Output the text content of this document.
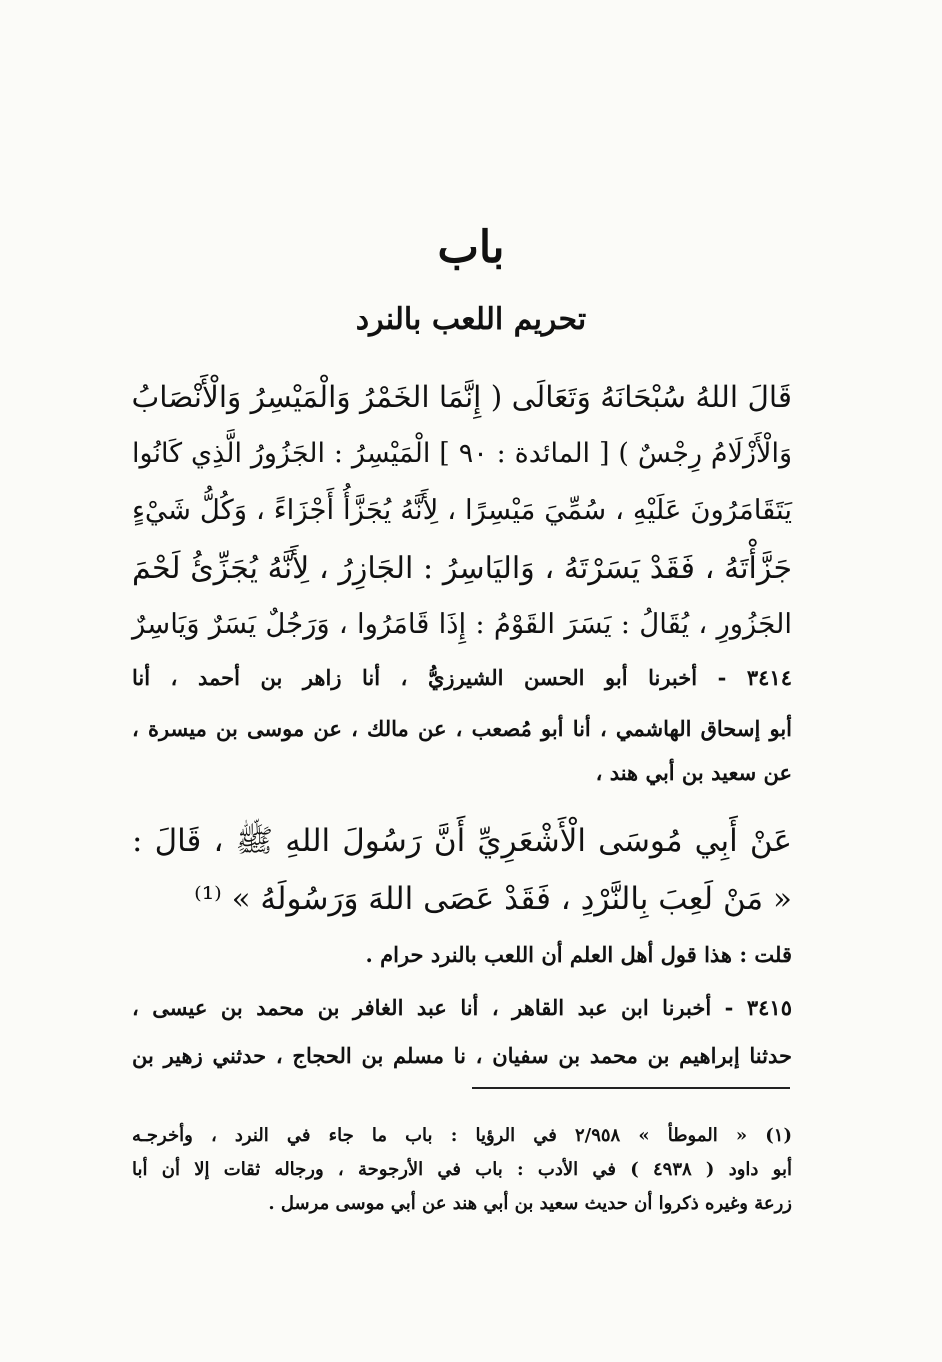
باب
تحريم اللعب بالنرد
قَالَ اللهُ سُبْحَانَهُ وَتَعَالَى ( إِنَّمَا الخَمْرُ وَالْمَيْسِرُ وَالْأَنْصَابُ
وَالْأَزْلَامُ رِجْسٌ ) [ المائدة : ٩٠ ] الْمَيْسِرُ : الجَزُورُ الَّذِي كَانُوا
يَتَقَامَرُونَ عَلَيْهِ ، سُمِّيَ مَيْسِرًا ، لِأَنَّهُ يُجَزَّأُ أَجْزَاءً ، وَكُلُّ شَيْءٍ
جَزَّأْتَهُ ، فَقَدْ يَسَرْتَهُ ، وَاليَاسِرُ : الجَازِرُ ، لِأَنَّهُ يُجَزِّئُ لَحْمَ
الجَزُورِ ، يُقَالُ : يَسَرَ القَوْمُ : إِذَا قَامَرُوا ، وَرَجُلٌ يَسَرٌ وَيَاسِرٌ
٣٤١٤ - أخبرنا أبو الحسن الشيرزيُّ ، أنا زاهر بن أحمد ، أنا
أبو إسحاق الهاشمي ، أنا أبو مُصعب ، عن مالك ، عن موسى بن ميسرة ،
عن سعيد بن أبي هند ،
عَنْ أَبِي مُوسَى الْأَشْعَرِيِّ أَنَّ رَسُولَ اللهِ ﷺ ، قَالَ :
« مَنْ لَعِبَ بِالنَّرْدِ ، فَقَدْ عَصَى اللهَ وَرَسُولَهُ » ⁽¹⁾
قلت : هذا قول أهل العلم أن اللعب بالنرد حرام .
٣٤١٥ - أخبرنا ابن عبد القاهر ، أنا عبد الغافر بن محمد بن عيسى ،
حدثنا إبراهيم بن محمد بن سفيان ، نا مسلم بن الحجاج ، حدثني زهير بن
(١) « الموطأ » ٢/٩٥٨ في الرؤيا : باب ما جاء في النرد ، وأخرجـه
أبو داود ( ٤٩٣٨ ) في الأدب : باب في الأرجوحة ، ورجاله ثقات إلا أن أبا
زرعة وغيره ذكروا أن حديث سعيد بن أبي هند عن أبي موسى مرسل .
